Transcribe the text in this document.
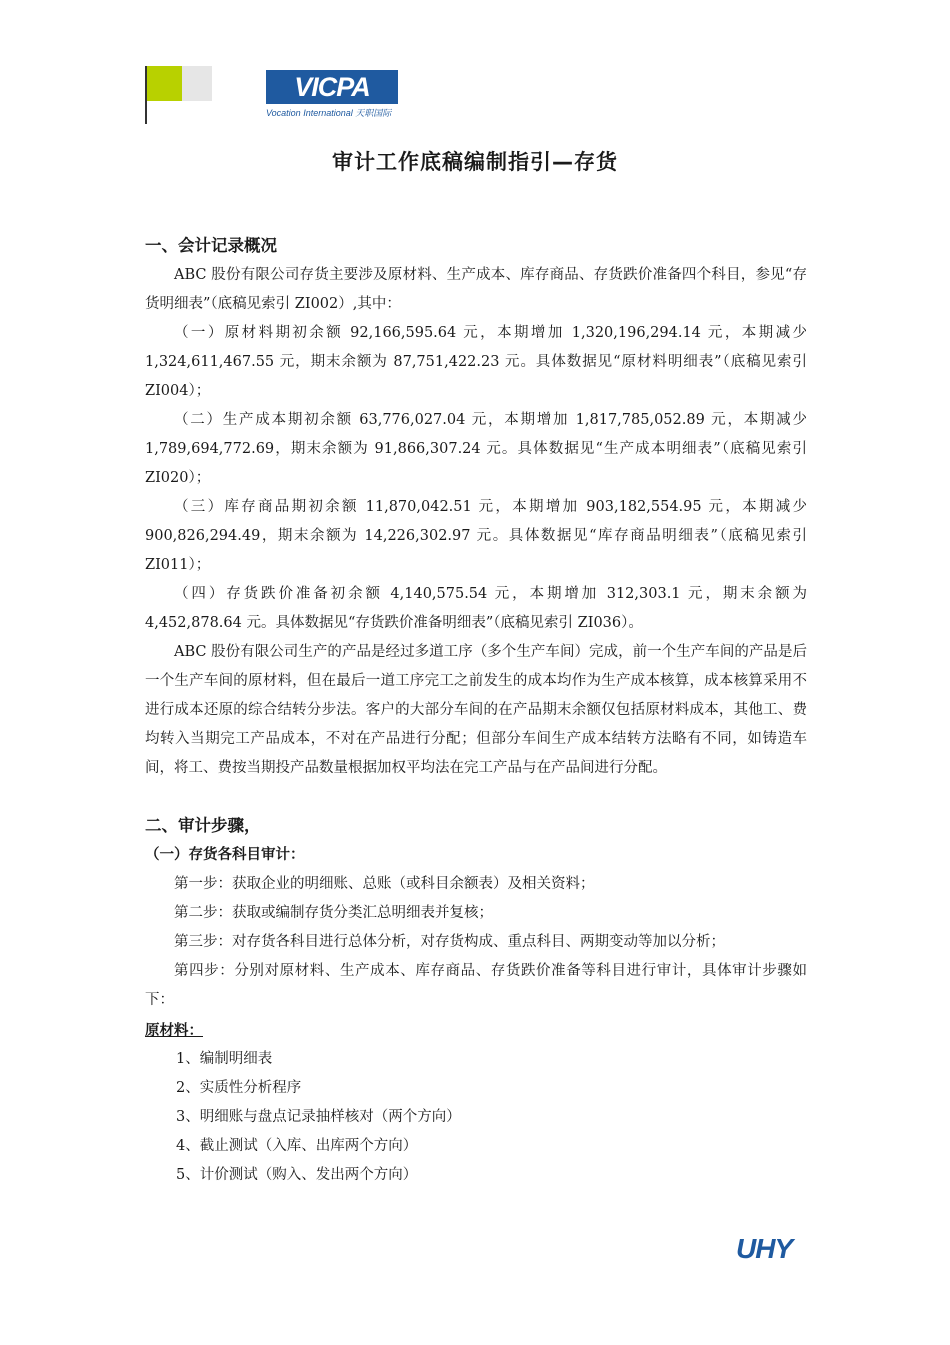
VICPA
Vocation International 天职国际
审计工作底稿编制指引—存货
一、会计记录概况

ABC 股份有限公司存货主要涉及原材料、生产成本、库存商品、存货跌价准备四个科目，参见“存货明细表”（底稿见索引 ZI002）,其中：

（一）原材料期初余额 92,166,595.64 元，本期增加 1,320,196,294.14 元，本期减少 1,324,611,467.55 元，期末余额为 87,751,422.23 元。具体数据见“原材料明细表”（底稿见索引 ZI004）；

（二）生产成本期初余额 63,776,027.04 元，本期增加 1,817,785,052.89 元，本期减少 1,789,694,772.69，期末余额为 91,866,307.24 元。具体数据见“生产成本明细表”（底稿见索引 ZI020）；

（三）库存商品期初余额 11,870,042.51 元，本期增加 903,182,554.95 元，本期减少 900,826,294.49，期末余额为 14,226,302.97 元。具体数据见“库存商品明细表”（底稿见索引 ZI011）；

（四）存货跌价准备初余额 4,140,575.54 元，本期增加 312,303.1 元，期末余额为 4,452,878.64 元。具体数据见“存货跌价准备明细表”（底稿见索引 ZI036）。

ABC 股份有限公司生产的产品是经过多道工序（多个生产车间）完成，前一个生产车间的产品是后一个生产车间的原材料，但在最后一道工序完工之前发生的成本均作为生产成本核算，成本核算采用不进行成本还原的综合结转分步法。客户的大部分车间的在产品期末余额仅包括原材料成本，其他工、费均转入当期完工产品成本，不对在产品进行分配；但部分车间生产成本结转方法略有不同，如铸造车间，将工、费按当期投产品数量根据加权平均法在完工产品与在产品间进行分配。

二、审计步骤，
（一）存货各科目审计：

第一步：获取企业的明细账、总账（或科目余额表）及相关资料；

第二步：获取或编制存货分类汇总明细表并复核；

第三步：对存货各科目进行总体分析，对存货构成、重点科目、两期变动等加以分析；

第四步：分别对原材料、生产成本、库存商品、存货跌价准备等科目进行审计，具体审计步骤如下：

原材料：
1、编制明细表
2、实质性分析程序
3、明细账与盘点记录抽样核对（两个方向）
4、截止测试（入库、出库两个方向）
5、计价测试（购入、发出两个方向）
UHY
